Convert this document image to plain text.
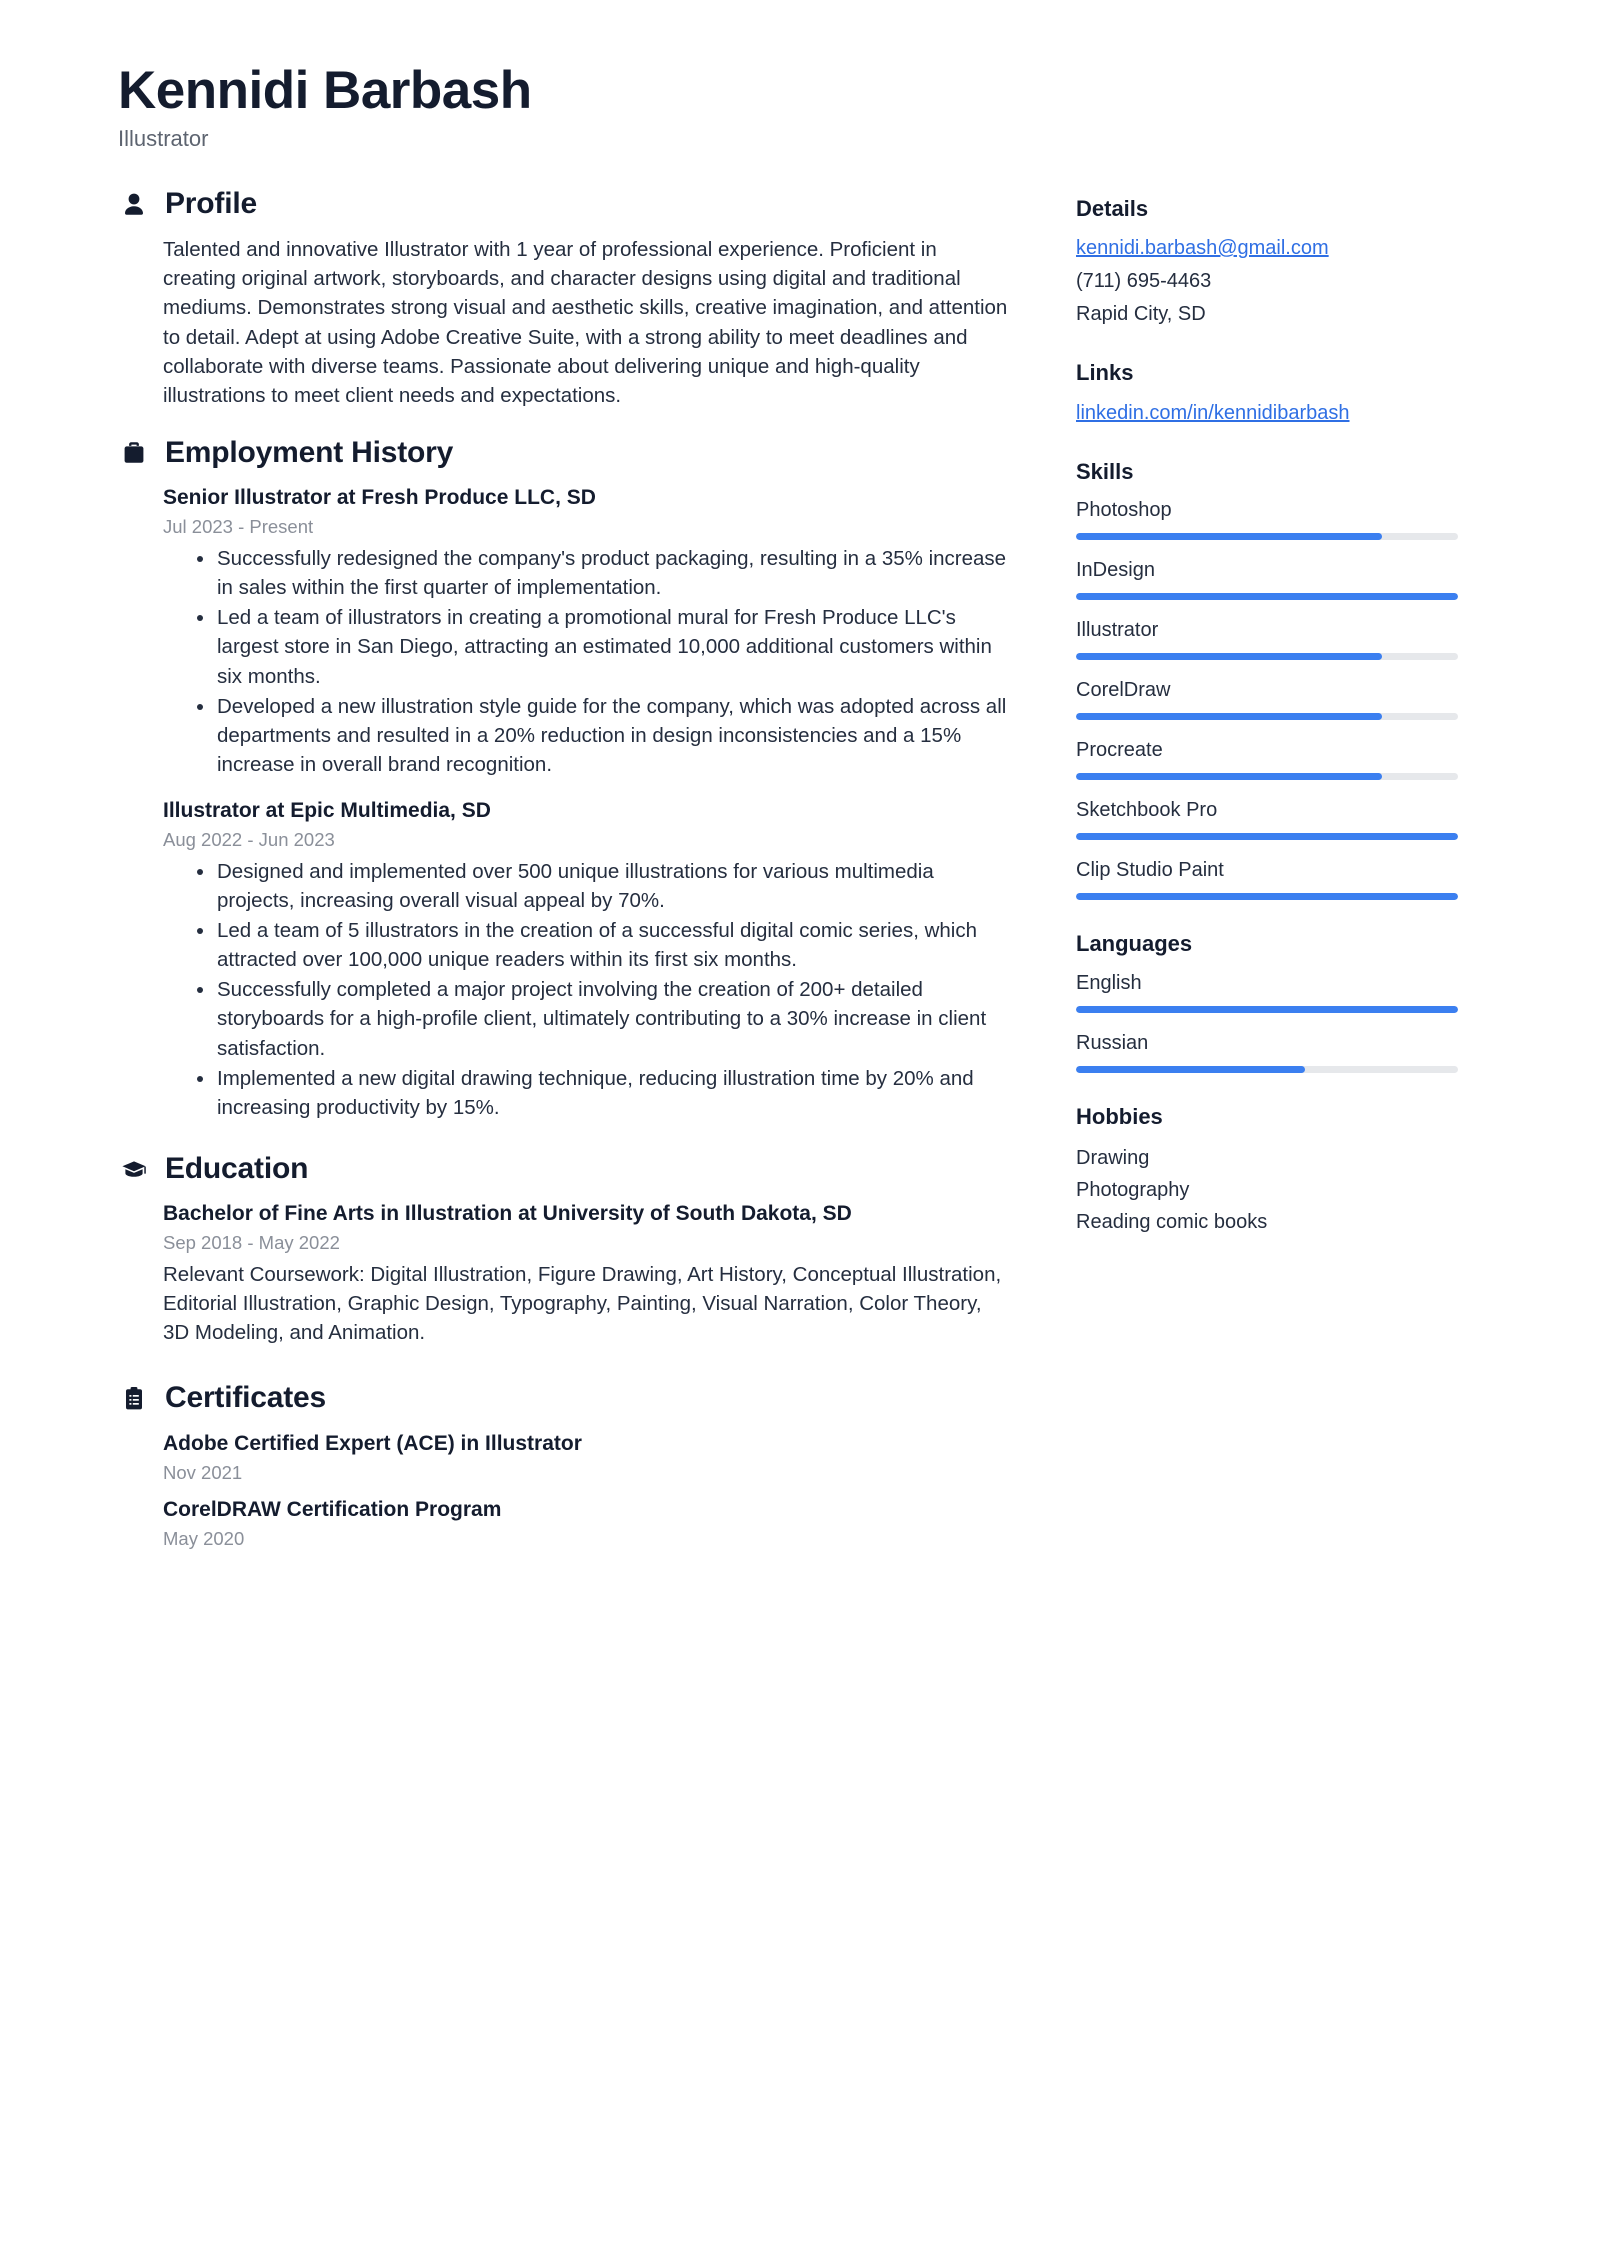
Kennidi Barbash

Illustrator

Profile

Talented and innovative Illustrator with 1 year of professional experience. Proficient in creating original artwork, storyboards, and character designs using digital and traditional mediums. Demonstrates strong visual and aesthetic skills, creative imagination, and attention to detail. Adept at using Adobe Creative Suite, with a strong ability to meet deadlines and collaborate with diverse teams. Passionate about delivering unique and high-quality illustrations to meet client needs and expectations.

Employment History

Senior Illustrator at Fresh Produce LLC, SD

Jul 2023 - Present

Successfully redesigned the company's product packaging, resulting in a 35% increase in sales within the first quarter of implementation.
Led a team of illustrators in creating a promotional mural for Fresh Produce LLC's largest store in San Diego, attracting an estimated 10,000 additional customers within six months.
Developed a new illustration style guide for the company, which was adopted across all departments and resulted in a 20% reduction in design inconsistencies and a 15% increase in overall brand recognition.

Illustrator at Epic Multimedia, SD

Aug 2022 - Jun 2023

Designed and implemented over 500 unique illustrations for various multimedia projects, increasing overall visual appeal by 70%.
Led a team of 5 illustrators in the creation of a successful digital comic series, which attracted over 100,000 unique readers within its first six months.
Successfully completed a major project involving the creation of 200+ detailed storyboards for a high-profile client, ultimately contributing to a 30% increase in client satisfaction.
Implemented a new digital drawing technique, reducing illustration time by 20% and increasing productivity by 15%.
Education

Bachelor of Fine Arts in Illustration at University of South Dakota, SD

Sep 2018 - May 2022

Relevant Coursework: Digital Illustration, Figure Drawing, Art History, Conceptual Illustration, Editorial Illustration, Graphic Design, Typography, Painting, Visual Narration, Color Theory, 3D Modeling, and Animation.

Certificates

Adobe Certified Expert (ACE) in Illustrator

Nov 2021

CorelDRAW Certification Program

May 2020

Details

kennidi.barbash@gmail.com

(711) 695-4463

Rapid City, SD

Links

linkedin.com/in/kennidibarbash

Skills

Photoshop

InDesign

Illustrator

CorelDraw

Procreate

Sketchbook Pro

Clip Studio Paint

Languages

English

Russian

Hobbies

Drawing

Photography

Reading comic books
